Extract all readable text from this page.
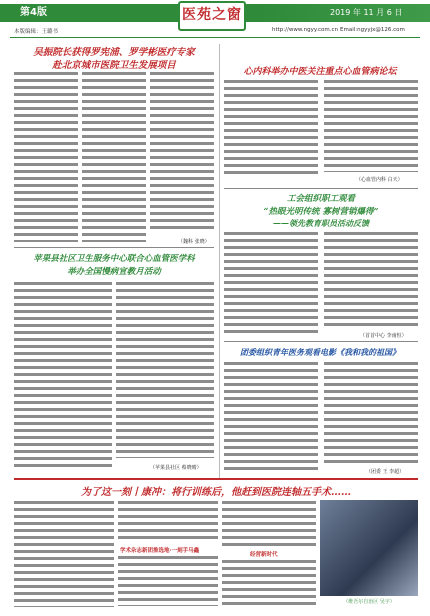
第4版	医苑之窗	2019 年 11 月 6 日
本版编辑：王璐书	http://www.ngyy.com.cn Email:ngyyjx@126.com
吴振院长获得罗宪浦、罗学彬医疗专家
赴北京城市医院卫生发展项目
（魏科 张晓）
心内科举办中医关注重点心血管病论坛
（心血管内科 白天）
工会组织职工观看
“热眼光明传统 寡树营销爆得”
——领先教育职员活动反馈
（首首中心 李南恒）
苹果县社区卫生服务中心联合心血管医学科
举办全国慢病宣教月活动
（苹果县社区 蔡晓晴）
团委组织青年医务观看电影《我和我的祖国》
（团委 王 李超）
为了这一刻丨康冲：将行训练后，他赶到医院连轴五手术……
学术杂志新团推选地·一刻手马鑫
经营新时代
（维吾尔自治区 吴宇）
